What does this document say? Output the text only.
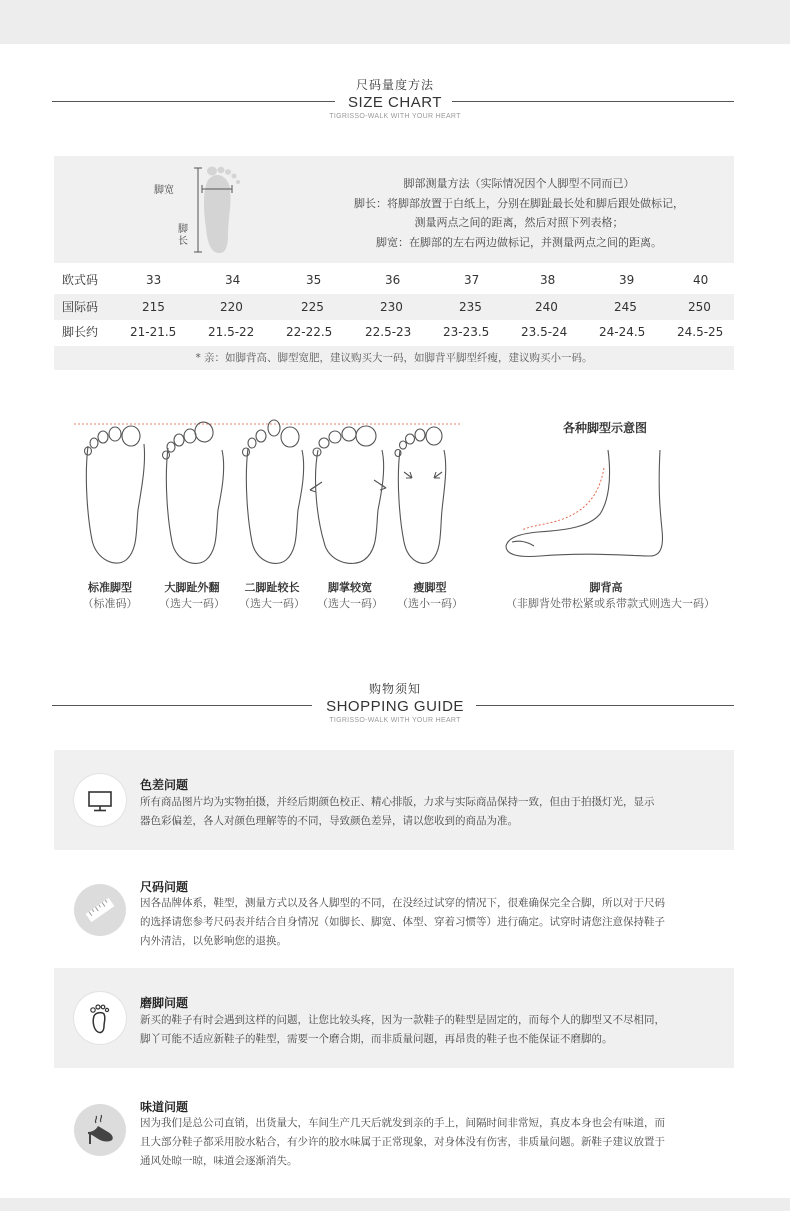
尺码量度方法
SIZE CHART
TIGRISSO-WALK WITH YOUR HEART
脚宽
脚长
脚部测量方法（实际情况因个人脚型不同而已）
脚长：将脚部放置于白纸上，分别在脚趾最长处和脚后跟处做标记，
测量两点之间的距离，然后对照下列表格；
脚宽：在脚部的左右两边做标记，并测量两点之间的距离。
欧式码	33	34	35	36	37	38	39	40
国际码	215	220	225	230	235	240	245	250
脚长约	21-21.5	21.5-22	22-22.5	22.5-23	23-23.5	23.5-24	24-24.5	24.5-25
* 亲：如脚背高、脚型宽肥，建议购买大一码，如脚背平脚型纤瘦，建议购买小一码。
各种脚型示意图
标准脚型
（标准码）
大脚趾外翻
（选大一码）
二脚趾较长
（选大一码）
脚掌较宽
（选大一码）
瘦脚型
（选小一码）
脚背高
（非脚背处带松紧或系带款式则选大一码）
购物须知
SHOPPING GUIDE
TIGRISSO-WALK WITH YOUR HEART
色差问题
所有商品图片均为实物拍摄，并经后期颜色校正、精心排版，力求与实际商品保持一致，但由于拍摄灯光，显示
器色彩偏差，各人对颜色理解等的不同，导致颜色差异，请以您收到的商品为准。
尺码问题
因各品牌体系，鞋型，测量方式以及各人脚型的不同，在没经过试穿的情况下，很难确保完全合脚，所以对于尺码
的选择请您参考尺码表并结合自身情况（如脚长、脚宽、体型、穿着习惯等）进行确定。试穿时请您注意保持鞋子
内外清洁，以免影响您的退换。
磨脚问题
新买的鞋子有时会遇到这样的问题，让您比较头疼，因为一款鞋子的鞋型是固定的，而每个人的脚型又不尽相同，
脚丫可能不适应新鞋子的鞋型，需要一个磨合期，而非质量问题，再昂贵的鞋子也不能保证不磨脚的。
味道问题
因为我们是总公司直销，出货量大，车间生产几天后就发到亲的手上，间隔时间非常短，真皮本身也会有味道，而
且大部分鞋子都采用胶水粘合，有少许的胶水味属于正常现象，对身体没有伤害，非质量问题。新鞋子建议放置于
通风处晾一晾，味道会逐渐消失。
